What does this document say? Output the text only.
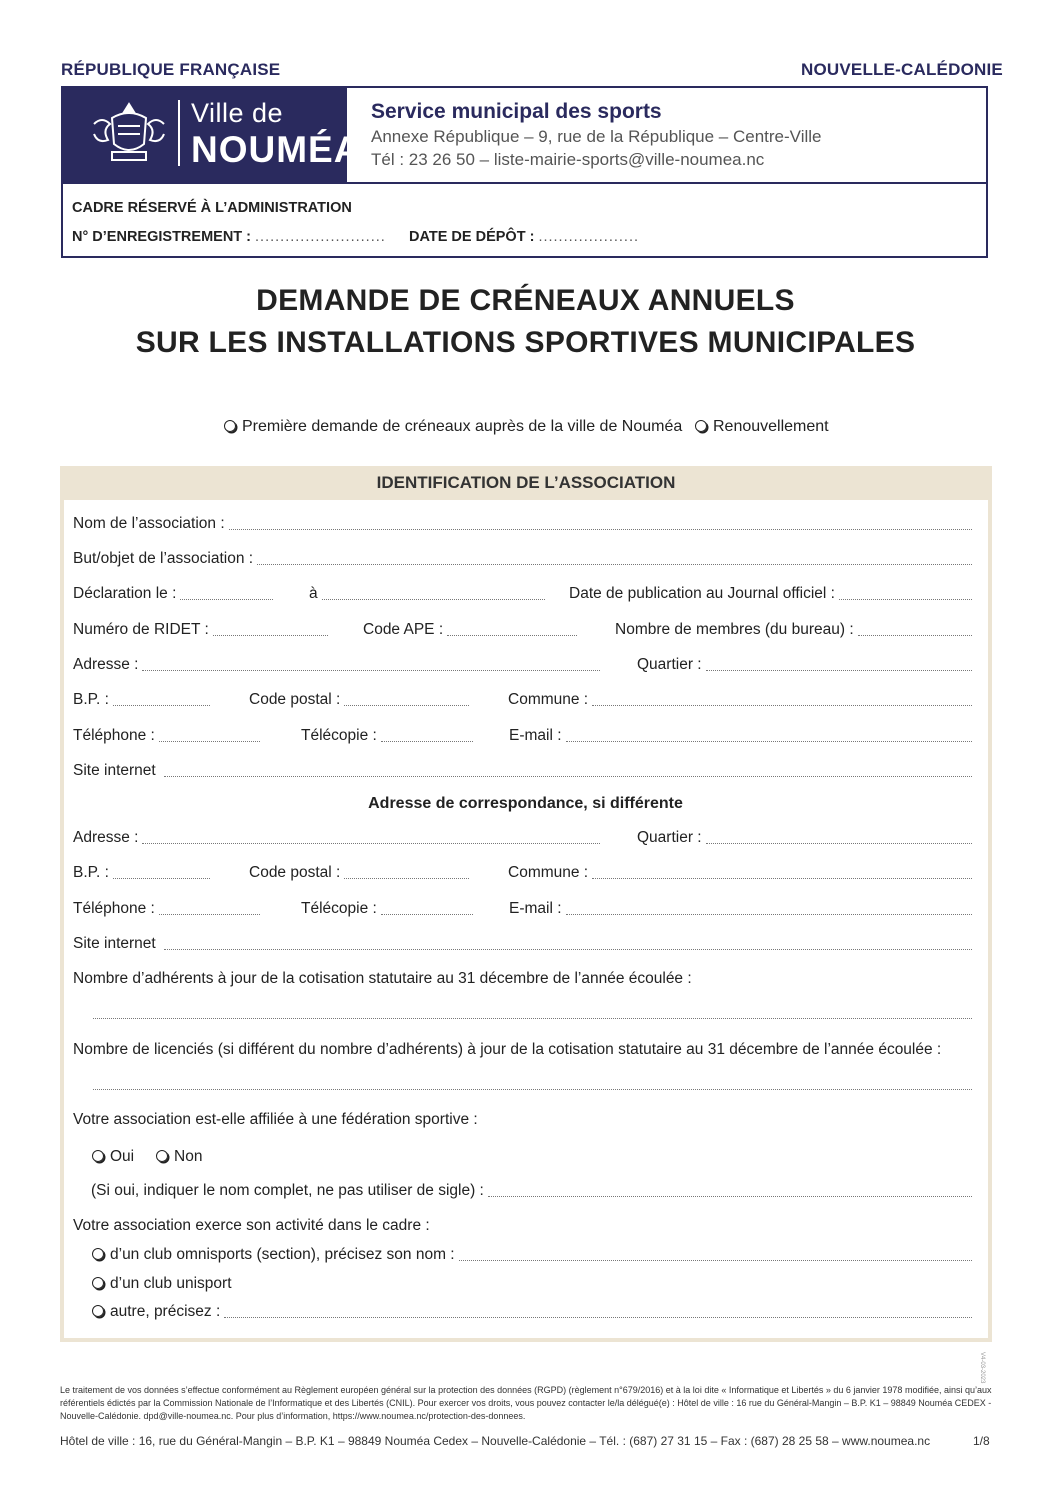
RÉPUBLIQUE FRANÇAISE	NOUVELLE-CALÉDONIE
Ville de
NOUMÉA
Service municipal des sports
Annexe République – 9, rue de la République – Centre-Ville
Tél : 23 26 50 – liste-mairie-sports@ville-noumea.nc
CADRE RÉSERVÉ À L’ADMINISTRATION
N° D’ENREGISTREMENT : .......................... DATE DE DÉPÔT : ....................
DEMANDE DE CRÉNEAUX ANNUELS
SUR LES INSTALLATIONS SPORTIVES MUNICIPALES
Première demande de créneaux auprès de la ville de Nouméa	Renouvellement
IDENTIFICATION DE L’ASSOCIATION
Nom de l’association :
But/objet de l’association :
Déclaration le :	à	Date de publication au Journal officiel :
Numéro de RIDET :	Code APE :	Nombre de membres (du bureau) :
Adresse :	Quartier :
B.P. :	Code postal :	Commune :
Téléphone :	Télécopie :	E-mail :
Site internet
Adresse de correspondance, si différente
Adresse :	Quartier :
B.P. :	Code postal :	Commune :
Téléphone :	Télécopie :	E-mail :
Site internet
Nombre d’adhérents à jour de la cotisation statutaire au 31 décembre de l’année écoulée :
Nombre de licenciés (si différent du nombre d’adhérents) à jour de la cotisation statutaire au 31 décembre de l’année écoulée :
Votre association est-elle affiliée à une fédération sportive :
Oui	Non
(Si oui, indiquer le nom complet, ne pas utiliser de sigle) :
Votre association exerce son activité dans le cadre :
d’un club omnisports (section), précisez son nom :
d’un club unisport
autre, précisez :
V4-03-2023
Le traitement de vos données s’effectue conformément au Règlement européen général sur la protection des données (RGPD) (règlement n°679/2016) et à la loi dite « Informatique et Libertés » du 6 janvier 1978 modifiée, ainsi qu’aux référentiels édictés par la Commission Nationale de l’Informatique et des Libertés (CNIL). Pour exercer vos droits, vous pouvez contacter le/la délégué(e) : Hôtel de ville : 16 rue du Général-Mangin – B.P. K1 – 98849 Nouméa CEDEX - Nouvelle-Calédonie. dpd@ville-noumea.nc. Pour plus d’information, https://www.noumea.nc/protection-des-donnees.
Hôtel de ville : 16, rue du Général-Mangin – B.P. K1 – 98849 Nouméa Cedex – Nouvelle-Calédonie – Tél. : (687) 27 31 15 – Fax : (687) 28 25 58 – www.noumea.nc	1/8
